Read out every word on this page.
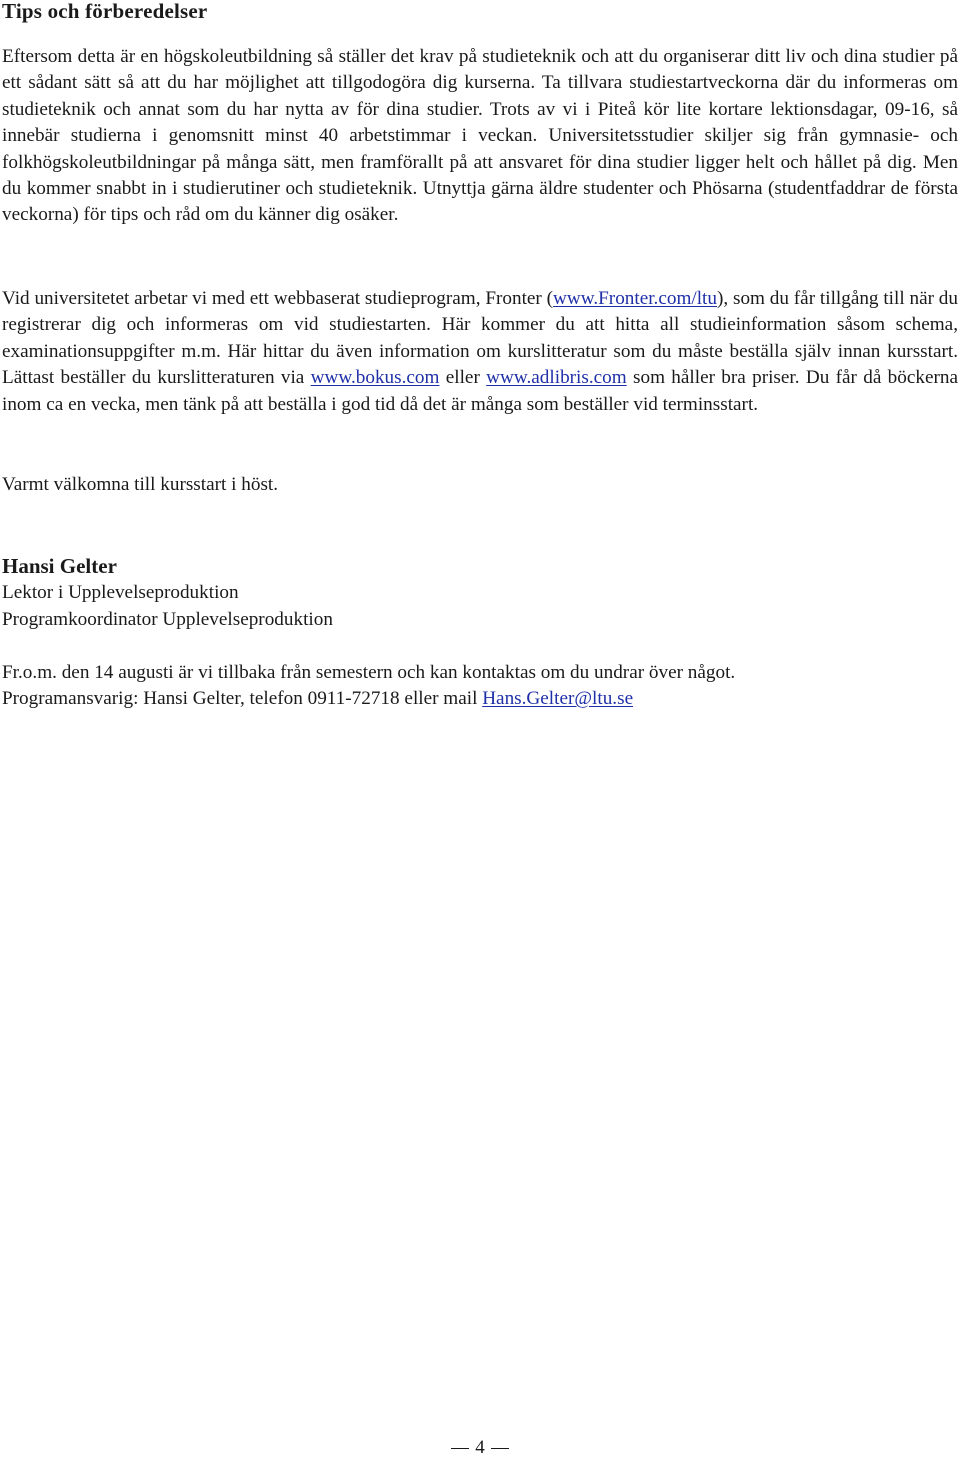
Tips och förberedelser

Eftersom detta är en högskoleutbildning så ställer det krav på studieteknik och att du organiserar ditt liv och dina studier på ett sådant sätt så att du har möjlighet att tillgodogöra dig kurserna. Ta tillvara studiestartveckorna där du informeras om studieteknik och annat som du har nytta av för dina studier. Trots av vi i Piteå kör lite kortare lektionsdagar, 09-16, så innebär studierna i genomsnitt minst 40 arbetstimmar i veckan. Universitetsstudier skiljer sig från gymnasie- och folkhögskoleutbildningar på många sätt, men framförallt på att ansvaret för dina studier ligger helt och hållet på dig. Men du kommer snabbt in i studierutiner och studieteknik. Utnyttja gärna äldre studenter och Phösarna (studentfaddrar de första veckorna) för tips och råd om du känner dig osäker.

Vid universitetet arbetar vi med ett webbaserat studieprogram, Fronter (www.Fronter.com/ltu), som du får tillgång till när du registrerar dig och informeras om vid studiestarten. Här kommer du att hitta all studieinformation såsom schema, examinationsuppgifter m.m. Här hittar du även information om kurslitteratur som du måste beställa själv innan kursstart. Lättast beställer du kurslitteraturen via www.bokus.com eller www.adlibris.com som håller bra priser. Du får då böckerna inom ca en vecka, men tänk på att beställa i god tid då det är många som beställer vid terminsstart.

Varmt välkomna till kursstart i höst.

Hansi Gelter
Lektor i Upplevelseproduktion
Programkoordinator Upplevelseproduktion
Fr.o.m. den 14 augusti är vi tillbaka från semestern och kan kontaktas om du undrar över något.
Programansvarig: Hansi Gelter, telefon 0911-72718 eller mail Hans.Gelter@ltu.se
4
